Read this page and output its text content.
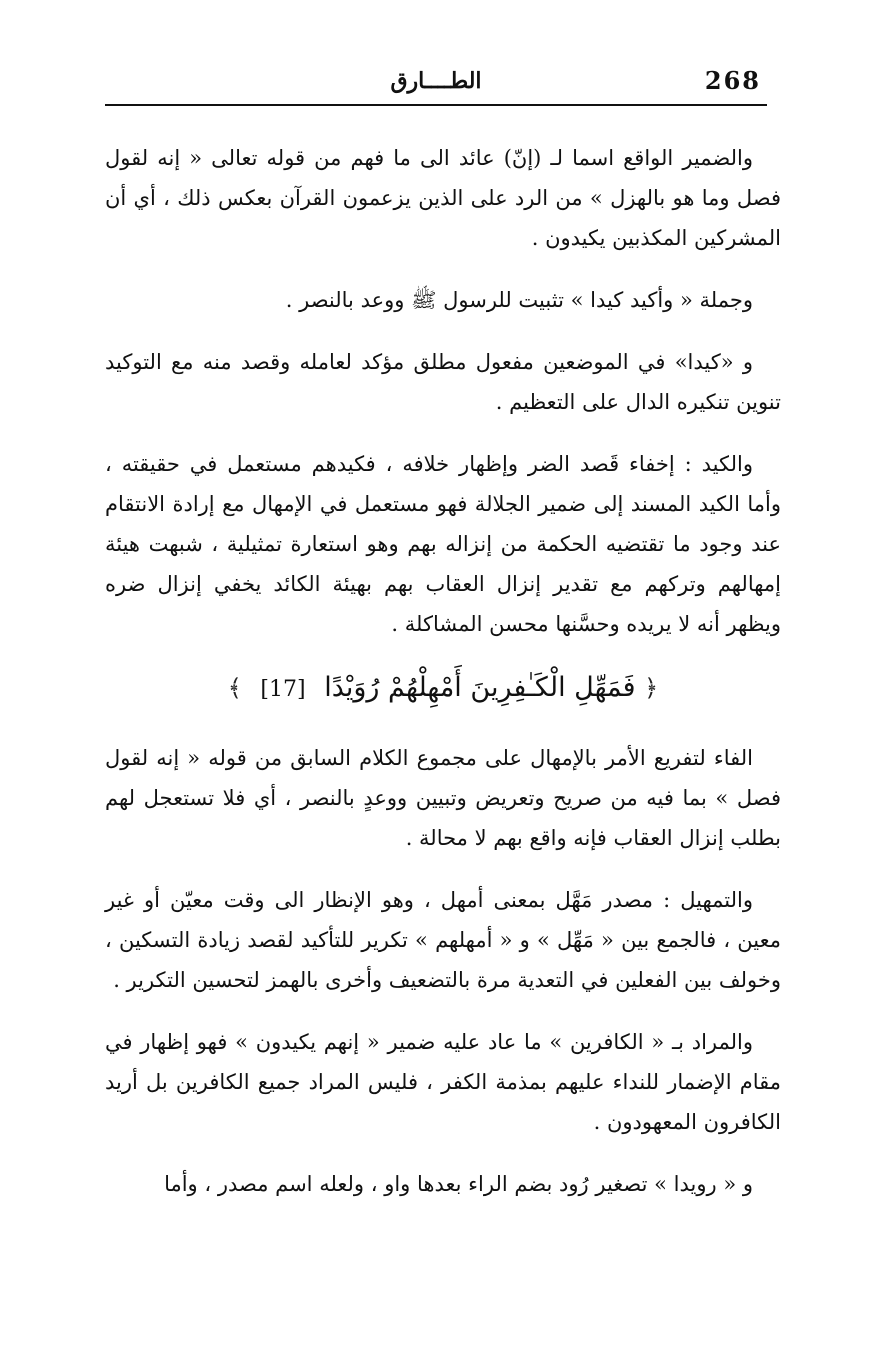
268
الطــــارق

والضمير الواقع اسما لـ (إنّ) عائد الى ما فهم من قوله تعالى « إنه لقول فصل وما هو بالهزل » من الرد على الذين يزعمون القرآن بعكس ذلك ، أي أن المشركين المكذبين يكيدون .

وجملة « وأكيد كيدا » تثبيت للرسول ﷺ ووعد بالنصر .

و «كيدا» في الموضعين مفعول مطلق مؤكد لعامله وقصد منه مع التوكيد تنوين تنكيره الدال على التعظيم .

والكيد : إخفاء قَصد الضر وإظهار خلافه ، فكيدهم مستعمل في حقيقته ، وأما الكيد المسند إلى ضمير الجلالة فهو مستعمل في الإمهال مع إرادة الانتقام عند وجود ما تقتضيه الحكمة من إنزاله بهم وهو استعارة تمثيلية ، شبهت هيئة إمهالهم وتركهم مع تقدير إنزال العقاب بهم بهيئة الكائد يخفي إنزال ضره ويظهر أنه لا يريده وحسَّنها محسن المشاكلة .

﴿ فَمَهِّلِ الْكَـٰفِرِينَ أَمْهِلْهُمْ رُوَيْدًا [17] ﴾

الفاء لتفريع الأمر بالإمهال على مجموع الكلام السابق من قوله « إنه لقول فصل » بما فيه من صريح وتعريض وتبيين ووعدٍ بالنصر ، أي فلا تستعجل لهم بطلب إنزال العقاب فإنه واقع بهم لا محالة .

والتمهيل : مصدر مَهَّل بمعنى أمهل ، وهو الإنظار الى وقت معيّن أو غير معين ، فالجمع بين « مَهِّل » و « أمهلهم » تكرير للتأكيد لقصد زيادة التسكين ، وخولف بين الفعلين في التعدية مرة بالتضعيف وأخرى بالهمز لتحسين التكرير .

والمراد بـ « الكافرين » ما عاد عليه ضمير « إنهم يكيدون » فهو إظهار في مقام الإضمار للنداء عليهم بمذمة الكفر ، فليس المراد جميع الكافرين بل أريد الكافرون المعهودون .

و « رويدا » تصغير رُود بضم الراء بعدها واو ، ولعله اسم مصدر ، وأما
